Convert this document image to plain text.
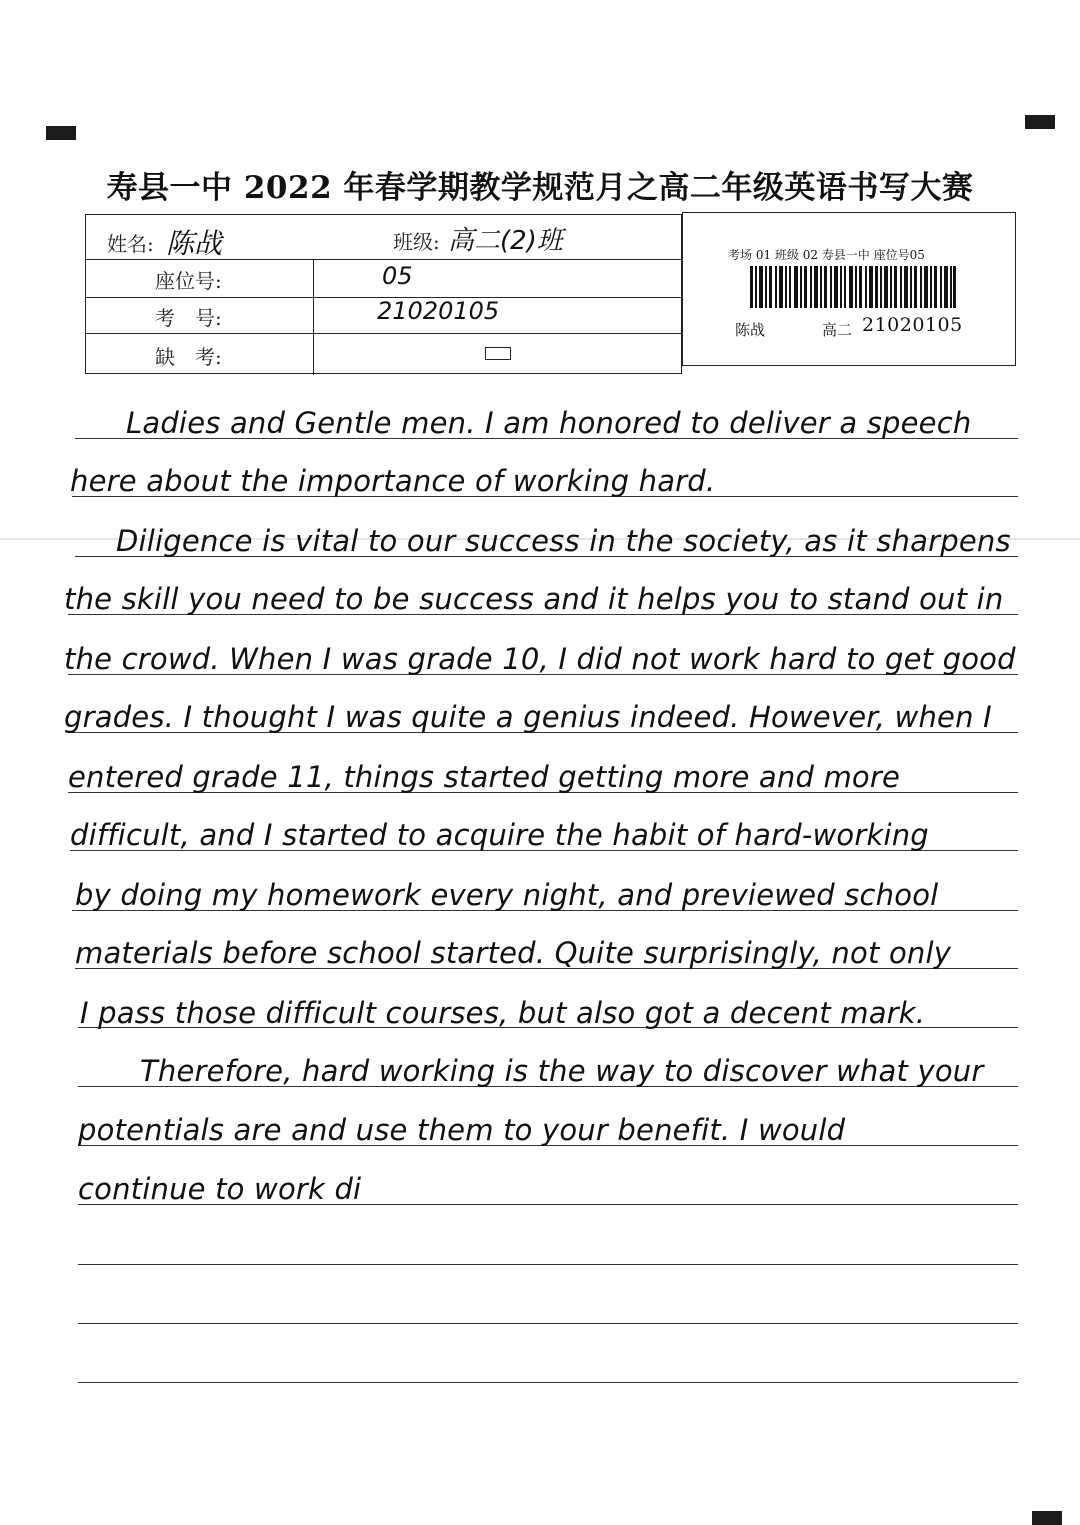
寿县一中 2022 年春学期教学规范月之高二年级英语书写大赛
姓名: 陈战	班级: 高二(2)班
座位号:	05
考　号:	21020105
缺　考:
考场 01 班级 02 寿县一中 座位号05
陈战	高二 21020105
Ladies and Gentle men. I am honored to deliver a speech
here about the importance of working hard.
Diligence is vital to our success in the society, as it sharpens
the skill you need to be success and it helps you to stand out in
the crowd. When I was grade 10, I did not work hard to get good
grades. I thought I was quite a genius indeed. However, when I
entered grade 11, things started getting more and more
difficult, and I started to acquire the habit of hard-working
by doing my homework every night, and previewed school
materials before school started. Quite surprisingly, not only
I pass those difficult courses, but also got a decent mark.
Therefore, hard working is the way to discover what your
potentials are and use them to your benefit. I would
continue to work di
